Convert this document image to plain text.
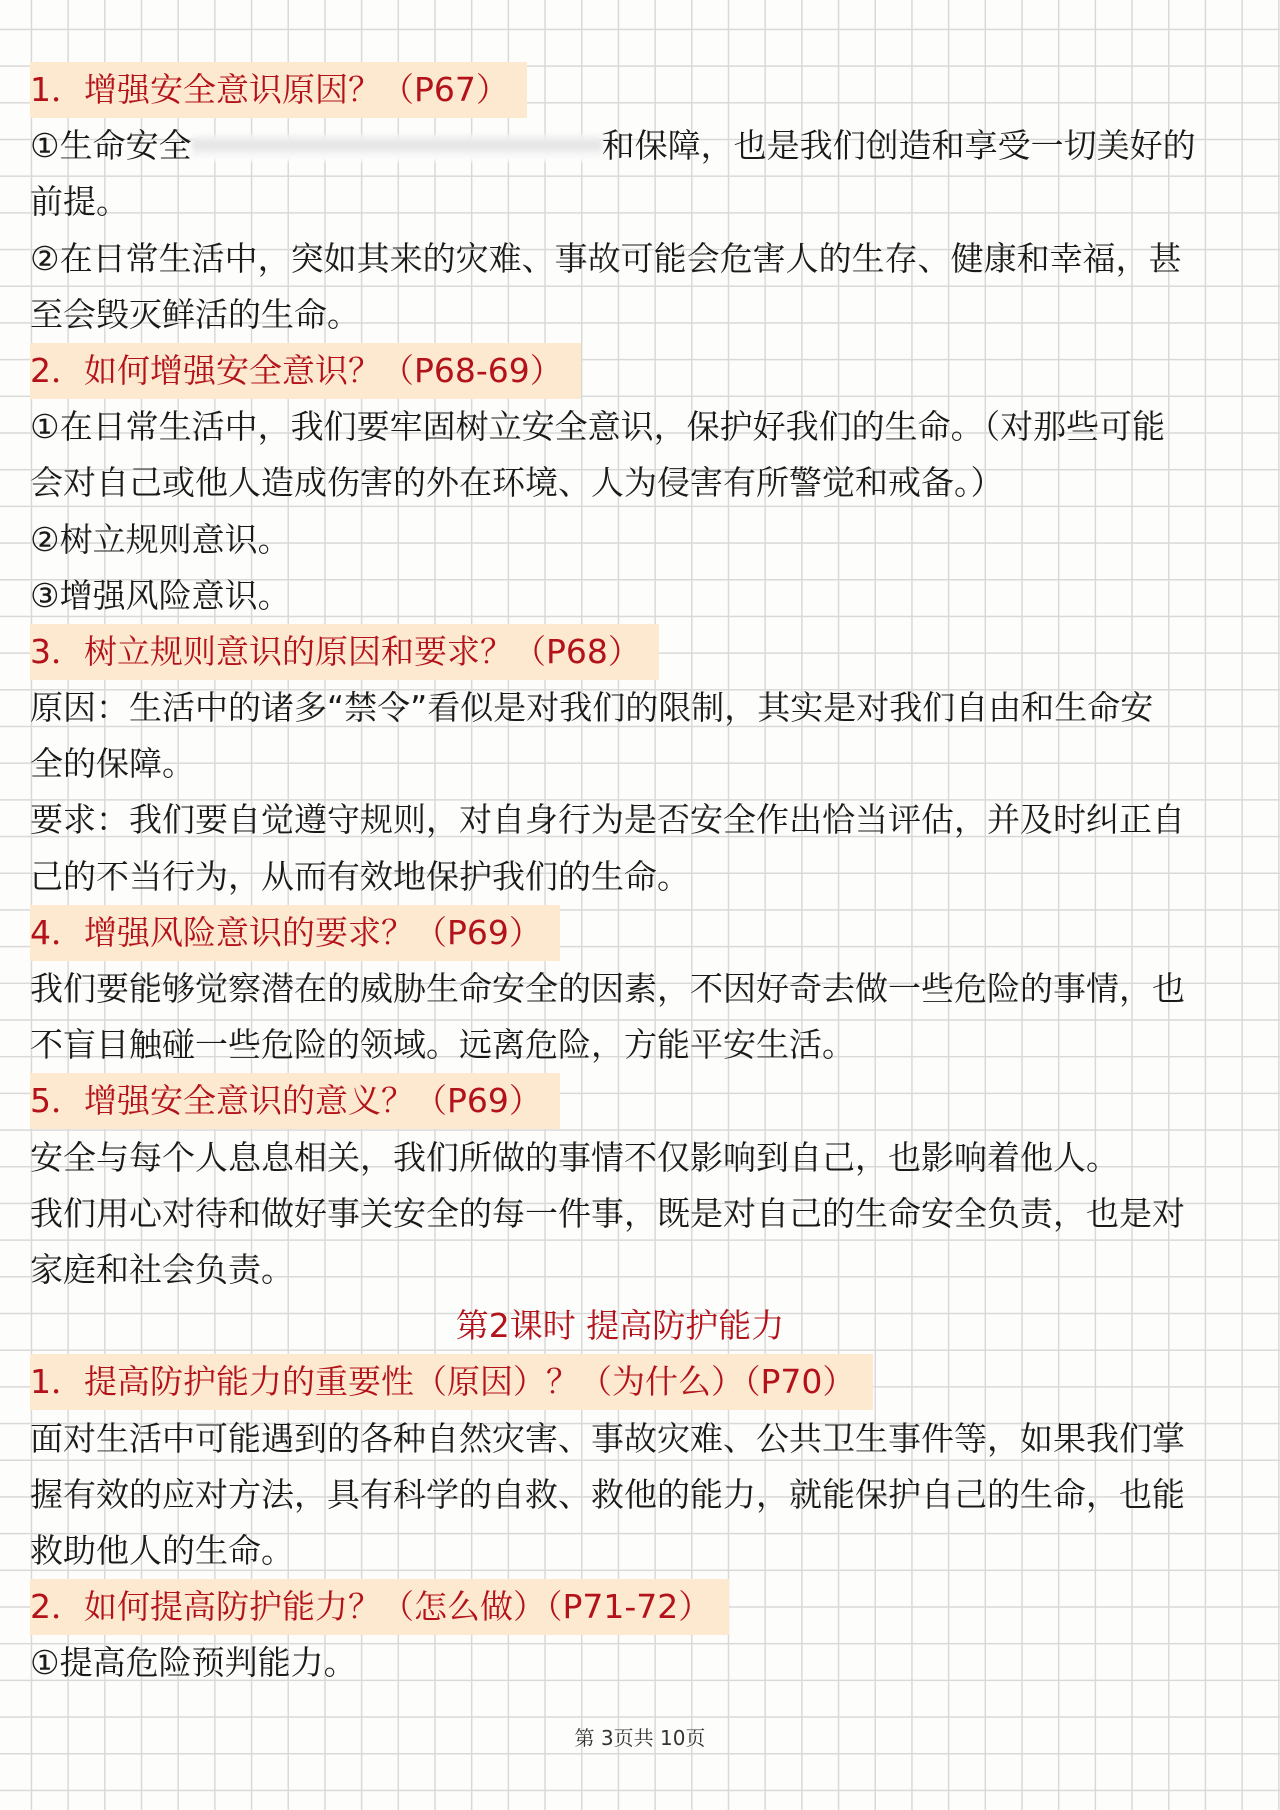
1．增强安全意识原因？（P67）
①生命安全	和保障，也是我们创造和享受一切美好的
前提。
②在日常生活中，突如其来的灾难、事故可能会危害人的生存、健康和幸福，甚
至会毁灭鲜活的生命。
2．如何增强安全意识？（P68-69）
①在日常生活中，我们要牢固树立安全意识，保护好我们的生命。（对那些可能
会对自己或他人造成伤害的外在环境、人为侵害有所警觉和戒备。）
②树立规则意识。
③增强风险意识。
3．树立规则意识的原因和要求？（P68）
原因：生活中的诸多“禁令”看似是对我们的限制，其实是对我们自由和生命安
全的保障。
要求：我们要自觉遵守规则，对自身行为是否安全作出恰当评估，并及时纠正自
己的不当行为，从而有效地保护我们的生命。
4．增强风险意识的要求？（P69）
我们要能够觉察潜在的威胁生命安全的因素，不因好奇去做一些危险的事情，也
不盲目触碰一些危险的领域。远离危险，方能平安生活。
5．增强安全意识的意义？（P69）
安全与每个人息息相关，我们所做的事情不仅影响到自己，也影响着他人。
我们用心对待和做好事关安全的每一件事，既是对自己的生命安全负责，也是对
家庭和社会负责。
第2课时 提高防护能力
1．提高防护能力的重要性（原因）？（为什么）（P70）
面对生活中可能遇到的各种自然灾害、事故灾难、公共卫生事件等，如果我们掌
握有效的应对方法，具有科学的自救、救他的能力，就能保护自己的生命，也能
救助他人的生命。
2．如何提高防护能力？（怎么做）（P71-72）
①提高危险预判能力。
第 3页共 10页
